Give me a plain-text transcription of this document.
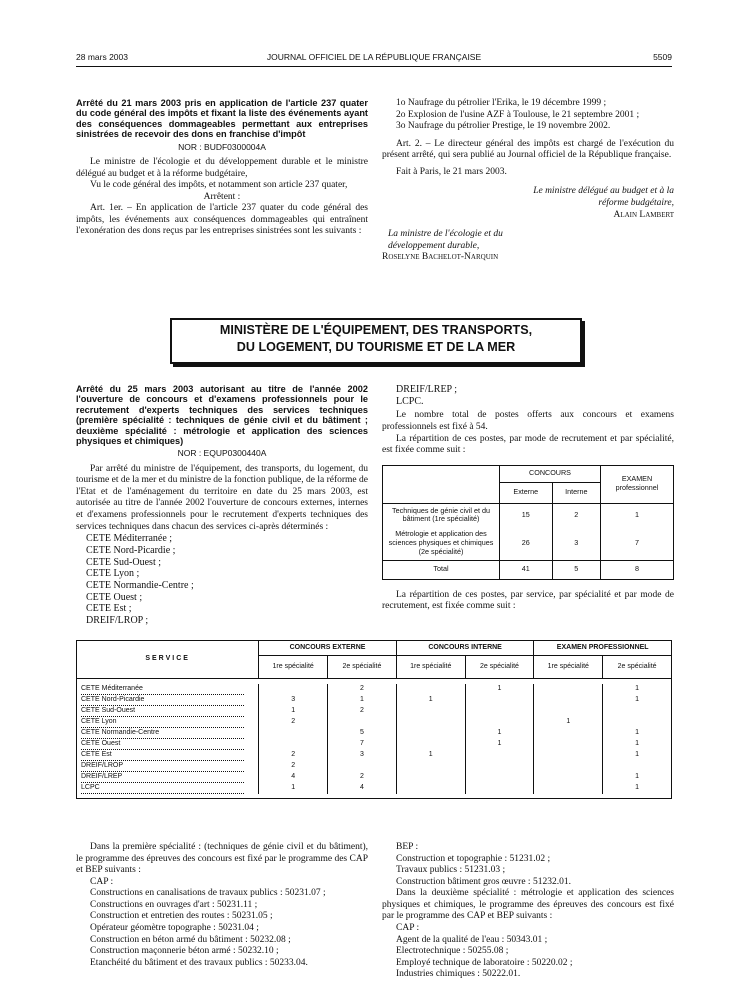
28 mars 2003	JOURNAL OFFICIEL DE LA RÉPUBLIQUE FRANÇAISE	5509
Arrêté du 21 mars 2003 pris en application de l'article 237 quater du code général des impôts et fixant la liste des événements ayant des conséquences dommageables permettant aux entreprises sinistrées de recevoir des dons en franchise d'impôt
NOR : BUDF0300004A

Le ministre de l'écologie et du développement durable et le ministre délégué au budget et à la réforme budgétaire,

Vu le code général des impôts, et notamment son article 237 quater,

Arrêtent :

Art. 1er. – En application de l'article 237 quater du code général des impôts, les événements aux conséquences dommageables qui entraînent l'exonération des dons reçus par les entreprises sinistrées sont les suivants :

1o Naufrage du pétrolier l'Erika, le 19 décembre 1999 ;

2o Explosion de l'usine AZF à Toulouse, le 21 septembre 2001 ;

3o Naufrage du pétrolier Prestige, le 19 novembre 2002.

Art. 2. – Le directeur général des impôts est chargé de l'exécution du présent arrêté, qui sera publié au Journal officiel de la République française.

Fait à Paris, le 21 mars 2003.

Le ministre délégué au budget et à la réforme budgétaire,

Alain Lambert

La ministre de l'écologie et du développement durable,

Roselyne Bachelot-Narquin

MINISTÈRE DE L'ÉQUIPEMENT, DES TRANSPORTS,
DU LOGEMENT, DU TOURISME ET DE LA MER
Arrêté du 25 mars 2003 autorisant au titre de l'année 2002 l'ouverture de concours et d'examens professionnels pour le recrutement d'experts techniques des services techniques (première spécialité : techniques de génie civil et du bâtiment ; deuxième spécialité : métrologie et application des sciences physiques et chimiques)
NOR : EQUP0300440A

Par arrêté du ministre de l'équipement, des transports, du logement, du tourisme et de la mer et du ministre de la fonction publique, de la réforme de l'Etat et de l'aménagement du territoire en date du 25 mars 2003, est autorisée au titre de l'année 2002 l'ouverture de concours externes, internes et d'examens professionnels pour le recrutement d'experts techniques des services techniques dans chacun des services ci-après déterminés :

CETE Méditerranée ;
CETE Nord-Picardie ;
CETE Sud-Ouest ;
CETE Lyon ;
CETE Normandie-Centre ;
CETE Ouest ;
CETE Est ;
DREIF/LROP ;
DREIF/LREP ;
LCPC.

Le nombre total de postes offerts aux concours et examens professionnels est fixé à 54.

La répartition de ces postes, par mode de recrutement et par spécialité, est fixée comme suit :

	CONCOURS		EXAMEN professionnel
	Externe	Interne	
Techniques de génie civil et du bâtiment (1re spécialité)	15	2	1
Métrologie et application des sciences physiques et chimiques (2e spécialité)	26	3	7
Total	41	5	8

La répartition de ces postes, par service, par spécialité et par mode de recrutement, est fixée comme suit :

SERVICE	CONCOURS EXTERNE		CONCOURS INTERNE		EXAMEN PROFESSIONNEL	
	1re spécialité	2e spécialité	1re spécialité	2e spécialité	1re spécialité	2e spécialité

CETE Méditerranée		2		1		1

CETE Nord-Picardie	3	1	1			1

CETE Sud-Ouest	1	2				

CETE Lyon	2				1	

CETE Normandie-Centre		5		1		1

CETE Ouest		7		1		1

CETE Est	2	3	1			1

DREIF/LROP	2					

DREIF/LREP	4	2				1

LCPC	1	4				1

Dans la première spécialité : (techniques de génie civil et du bâtiment), le programme des épreuves des concours est fixé par le programme des CAP et BEP suivants :

CAP :

Constructions en canalisations de travaux publics : 50231.07 ;

Constructions en ouvrages d'art : 50231.11 ;

Construction et entretien des routes : 50231.05 ;

Opérateur géomètre topographe : 50231.04 ;

Construction en béton armé du bâtiment : 50232.08 ;

Construction maçonnerie béton armé : 50232.10 ;

Etanchéité du bâtiment et des travaux publics : 50233.04.

BEP :

Construction et topographie : 51231.02 ;

Travaux publics : 51231.03 ;

Construction bâtiment gros œuvre : 51232.01.

Dans la deuxième spécialité : métrologie et application des sciences physiques et chimiques, le programme des épreuves des concours est fixé par le programme des CAP et BEP suivants :

CAP :

Agent de la qualité de l'eau : 50343.01 ;

Electrotechnique : 50255.08 ;

Employé technique de laboratoire : 50220.02 ;

Industries chimiques : 50222.01.
